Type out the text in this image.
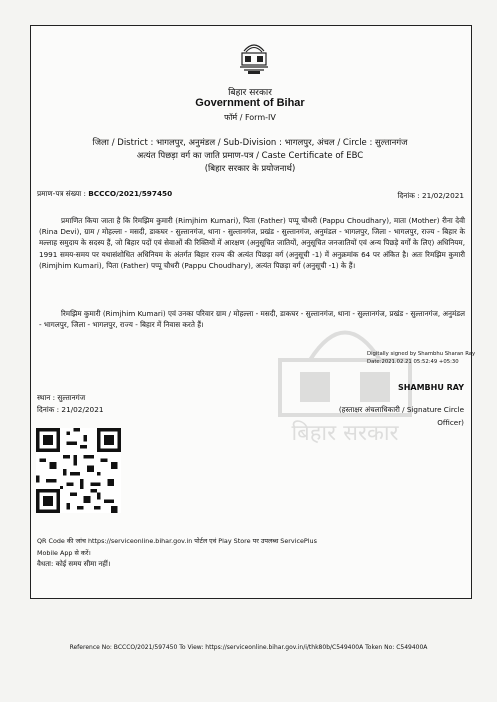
बिहार सरकार
Government of Bihar
फॉर्म / Form-IV
जिला / District : भागलपुर, अनुमंडल / Sub-Division : भागलपुर, अंचल / Circle : सुल्तानगंज
अत्यंत पिछड़ा वर्ग का जाति प्रमाण-पत्र / Caste Certificate of EBC
(बिहार सरकार के प्रयोजनार्थ)
प्रमाण-पत्र संख्या : BCCCO/2021/597450	दिनांक : 21/02/2021
प्रमाणित किया जाता है कि रिमझिम कुमारी (Rimjhim Kumari), पिता (Father) पप्पू चौधरी (Pappu Choudhary), माता (Mother) रीना देवी (Rina Devi), ग्राम / मोहल्ला - मसदी, डाकघर - सुल्तानगंज, थाना - सुल्तानगंज, प्रखंड - सुल्तानगंज, अनुमंडल - भागलपुर, जिला - भागलपुर, राज्य - बिहार के मल्लाह समुदाय के सदस्य हैं, जो बिहार पदों एवं सेवाओं की रिक्तियों में आरक्षण (अनुसूचित जातियों, अनुसूचित जनजातियों एवं अन्य पिछड़े वर्गों के लिए) अधिनियम, 1991 समय-समय पर यथासंशोधित अधिनियम के अंतर्गत बिहार राज्य की अत्यंत पिछड़ा वर्ग (अनुसूची -1) में अनुक्रमांक 64 पर अंकित है। अतः रिमझिम कुमारी (Rimjhim Kumari), पिता (Father) पप्पू चौधरी (Pappu Choudhary), अत्यंत पिछड़ा वर्ग (अनुसूची -1) के हैं।
रिमझिम कुमारी (Rimjhim Kumari) एवं उनका परिवार ग्राम / मोहल्ला - मसदी, डाकघर - सुल्तानगंज, थाना - सुल्तानगंज, प्रखंड - सुल्तानगंज, अनुमंडल - भागलपुर, जिला - भागलपुर, राज्य - बिहार में निवास करते हैं।
बिहार सरकार
Digitally signed by Shambhu Sharan Ray
Date:2021.02.21 05:52:49 +05:30
SHAMBHU RAY
(हस्ताक्षर अंचलाधिकारी / Signature Circle
Officer)
स्थान : सुल्तानगंज
दिनांक : 21/02/2021
QR Code की जांच https://serviceonline.bihar.gov.in पोर्टल एवं Play Store पर उपलब्ध ServicePlus
Mobile App से करें।
वैधता: कोई समय सीमा नहीं।
Reference No: BCCCO/2021/597450 To View: https://serviceonline.bihar.gov.in/i/thk80b/C549400A Token No: C549400A
